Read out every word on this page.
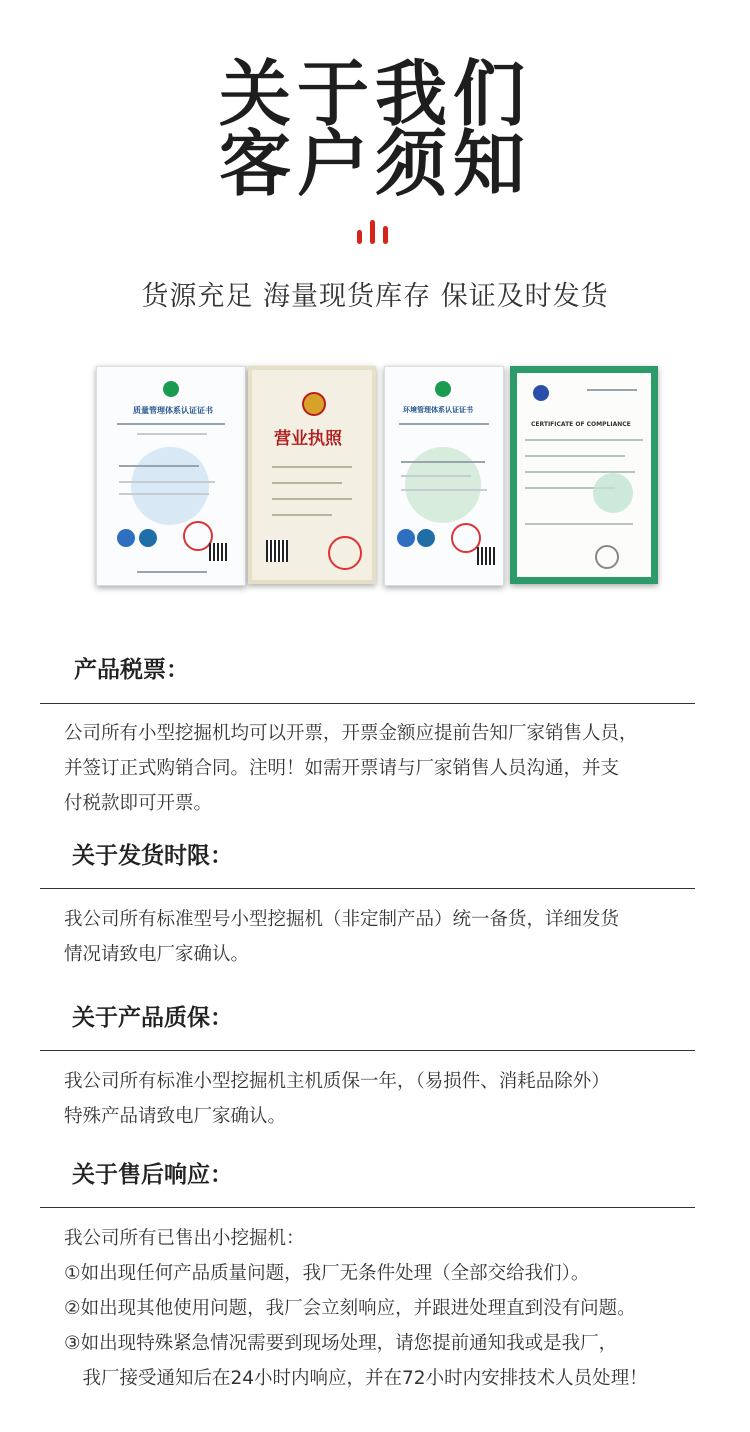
关于我们
客户须知
货源充足 海量现货库存 保证及时发货
质量管理体系认证证书
营业执照
环境管理体系认证证书
CERTIFICATE OF COMPLIANCE
产品税票：

公司所有小型挖掘机均可以开票，开票金额应提前告知厂家销售人员，

并签订正式购销合同。注明！如需开票请与厂家销售人员沟通，并支

付税款即可开票。

关于发货时限：

我公司所有标准型号小型挖掘机（非定制产品）统一备货，详细发货

情况请致电厂家确认。

关于产品质保：

我公司所有标准小型挖掘机主机质保一年，（易损件、消耗品除外）

特殊产品请致电厂家确认。

关于售后响应：

我公司所有已售出小挖掘机：

①如出现任何产品质量问题，我厂无条件处理（全部交给我们）。

②如出现其他使用问题，我厂会立刻响应，并跟进处理直到没有问题。

③如出现特殊紧急情况需要到现场处理，请您提前通知我或是我厂，

　我厂接受通知后在24小时内响应，并在72小时内安排技术人员处理！
